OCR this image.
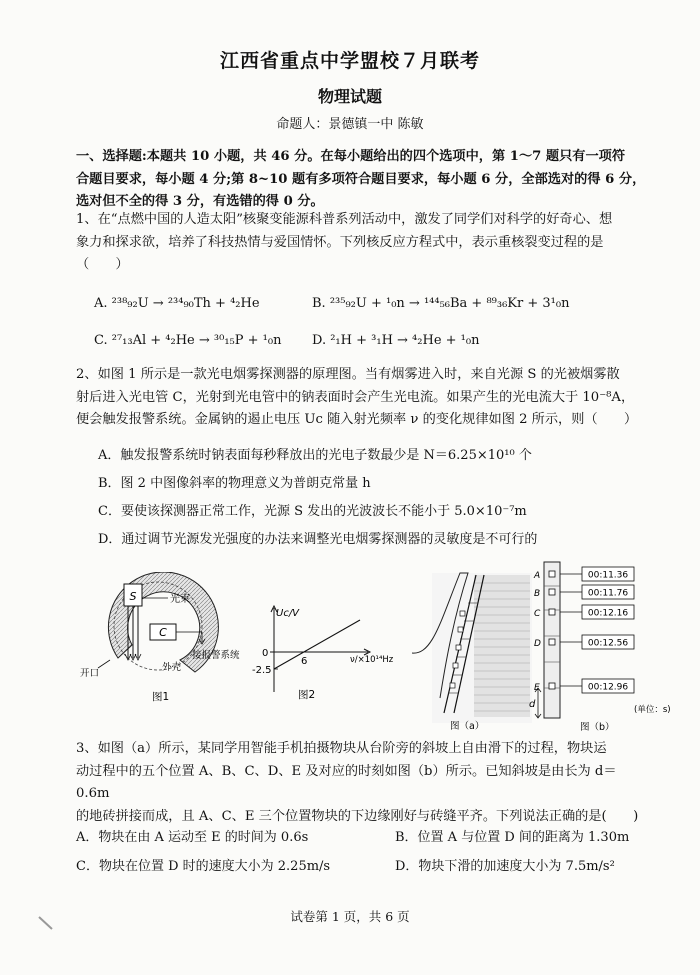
江西省重点中学盟校７月联考
物理试题
命题人：景德镇一中 陈敏
一、选择题:本题共 10 小题，共 46 分。在每小题给出的四个选项中，第 1～7 题只有一项符
合题目要求，每小题 4 分;第 8~10 题有多项符合题目要求，每小题 6 分，全部选对的得 6 分，
选对但不全的得 3 分，有选错的得 0 分。
1、在“点燃中国的人造太阳”核聚变能源科普系列活动中，激发了同学们对科学的好奇心、想
象力和探求欲，培养了科技热情与爱国情怀。下列核反应方程式中，表示重核裂变过程的是
（　　）
A. ²³⁸₉₂U → ²³⁴₉₀Th + ⁴₂He	B. ²³⁵₉₂U + ¹₀n → ¹⁴⁴₅₆Ba + ⁸⁹₃₆Kr + 3¹₀n
C. ²⁷₁₃Al + ⁴₂He → ³⁰₁₅P + ¹₀n D. ²₁H + ³₁H → ⁴₂He + ¹₀n
2、如图 1 所示是一款光电烟雾探测器的原理图。当有烟雾进入时，来自光源 S 的光被烟雾散
射后进入光电管 C，光射到光电管中的钠表面时会产生光电流。如果产生的光电流大于 10⁻⁸A，
便会触发报警系统。金属钠的遏止电压 Uc 随入射光频率 ν 的变化规律如图 2 所示，则（　　）
A．触发报警系统时钠表面每秒释放出的光电子数最少是 N＝6.25×10¹⁰ 个
B．图 2 中图像斜率的物理意义为普朗克常量 h
C．要使该探测器正常工作，光源 S 发出的光波波长不能小于 5.0×10⁻⁷m
D．通过调节光源发光强度的办法来调整光电烟雾探测器的灵敏度是不可行的
S	光束
C
接报警系统
外壳
开口
图1
Uc/V
ν/×10¹⁴Hz
0
6
-2.5
图2
图（a）
A	00:11.36
B	00:11.76
C	00:12.16
D	00:12.56
E	00:12.96
d	(单位：s)
图（b）
3、如图（a）所示，某同学用智能手机拍摄物块从台阶旁的斜坡上自由滑下的过程，物块运
动过程中的五个位置 A、B、C、D、E 及对应的时刻如图（b）所示。已知斜坡是由长为 d＝0.6m
的地砖拼接而成，且 A、C、E 三个位置物块的下边缘刚好与砖缝平齐。下列说法正确的是(　　)
A．物块在由 A 运动至 E 的时间为 0.6s	B．位置 A 与位置 D 间的距离为 1.30m
C．物块在位置 D 时的速度大小为 2.25m/s	D．物块下滑的加速度大小为 7.5m/s²
试卷第 1 页，共 6 页
